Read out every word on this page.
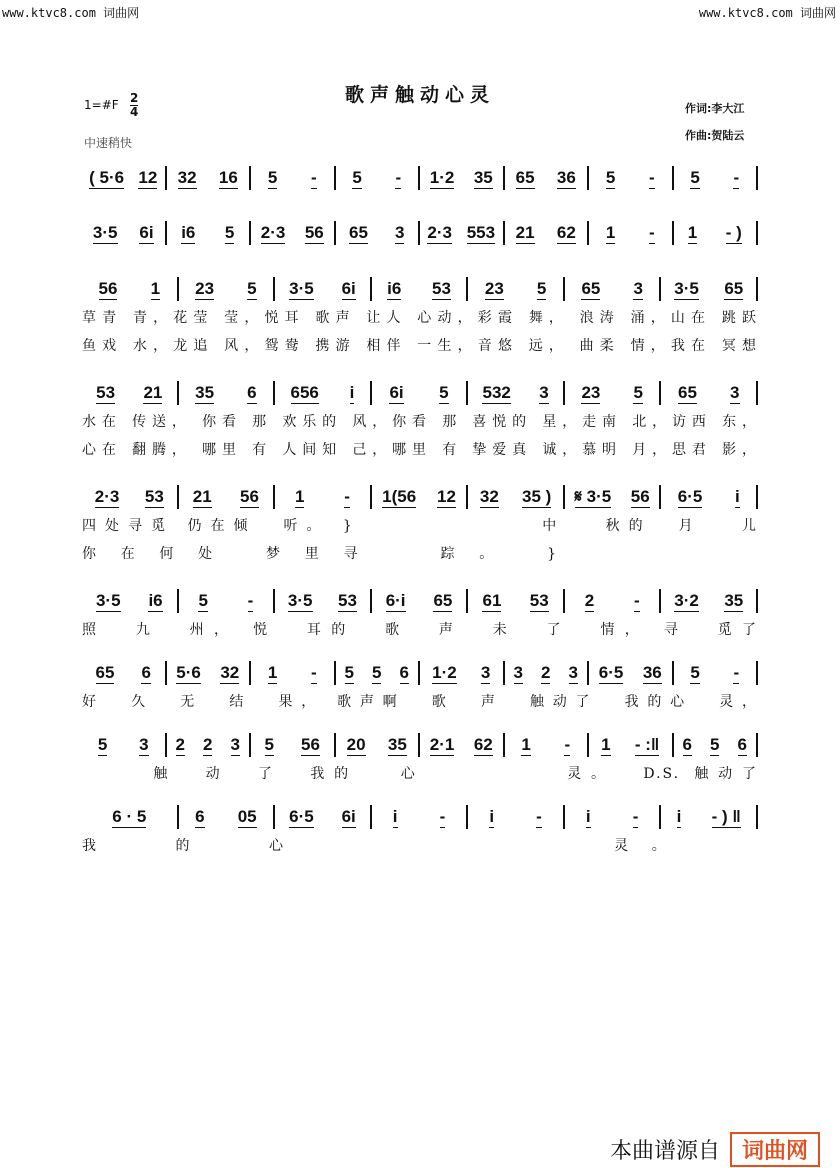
www.ktvc8.com 词曲网	www.ktvc8.com 词曲网
歌声触动心灵
1=#F $\frac{2}{4}$
中速稍快
作词:李大江
作曲:贺陆云
( 5·6 12 32 16 5 - 5 - 1·2 35 65 36 5 - 5 -
3·5 6i i6 5 2·3 56 65 3 2·3 553 21 62 1 - 1 - )
56 1 23 5 3·5 6i i6 53 23 5 65 3 3·5 65
草青 青，花莹 莹，悦耳 歌声 让人 心动，彩霞 舞， 浪涛 涌，山在 跳跃
鱼戏 水，龙追 风，鸳鸯 携游 相伴 一生，音悠 远， 曲柔 情，我在 冥想
53 21 35 6 656 i 6i 5 532 3 23 5 65 3
水在 传送， 你看 那 欢乐的 风，你看 那 喜悦的 星，走南 北，访西 东，
心在 翻腾， 哪里 有 人间知 己，哪里 有 挚爱真 诚，慕明 月，思君 影，
2·3 53 21 56 1 - 1(56 12 32 35 ) 𝄋 3·5 56 6·5 i
四处寻觅 仍在倾  听。 }              中   秋的  月   儿
你在何处 梦里寻  踪。 }
3·5 i6 5 - 3·5 53 6·i 65 61 53 2 - 3·2 35
照  九  州， 悦  耳的  歌  声  未  了  情， 寻  觅了
65 6 5·6 32 1 - 5 5 6 1·2 3 3 2 3 6·5 36 5 -
好  久  无  结  果， 歌声啊  歌  声  触动了  我的心  灵，
5 3 2 2 3 5 56 20 35 2·1 62 1 - 1 - :‖ 6 5 6
触  动  了  我的   心          灵。  D.S. 触动了
6 · 5	6 05 6·5 6i i -	i -	i - i - ) ‖
我  的  心           灵。
本曲谱源自	词曲网
